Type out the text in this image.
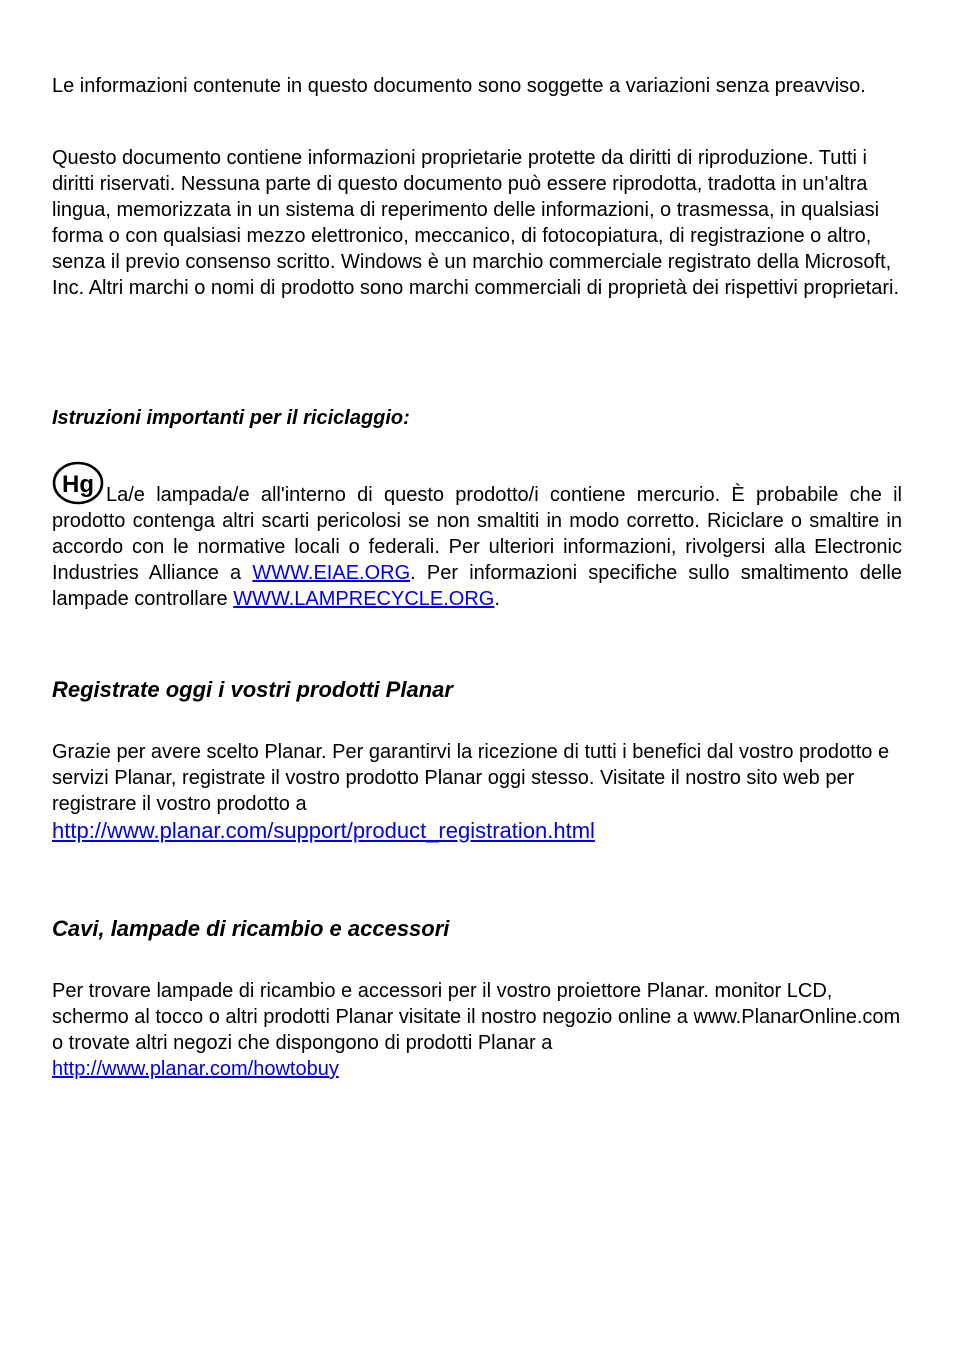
Le informazioni contenute in questo documento sono soggette a variazioni senza preavviso.

Questo documento contiene informazioni proprietarie protette da diritti di riproduzione. Tutti i diritti riservati. Nessuna parte di questo documento può essere riprodotta, tradotta in un'altra lingua, memorizzata in un sistema di reperimento delle informazioni, o trasmessa, in qualsiasi forma o con qualsiasi mezzo elettronico, meccanico, di fotocopiatura, di registrazione o altro, senza il previo consenso scritto. Windows è un marchio commerciale registrato della Microsoft, Inc. Altri marchi o nomi di prodotto sono marchi commerciali di proprietà dei rispettivi proprietari.

Istruzioni importanti per il riciclaggio:

Hg La/e lampada/e all'interno di questo prodotto/i contiene mercurio. È probabile che il prodotto contenga altri scarti pericolosi se non smaltiti in modo corretto. Riciclare o smaltire in accordo con le normative locali o federali. Per ulteriori informazioni, rivolgersi alla Electronic Industries Alliance a WWW.EIAE.ORG. Per informazioni specifiche sullo smaltimento delle lampade controllare WWW.LAMPRECYCLE.ORG.

Registrate oggi i vostri prodotti Planar

Grazie per avere scelto Planar. Per garantirvi la ricezione di tutti i benefici dal vostro prodotto e servizi Planar, registrate il vostro prodotto Planar oggi stesso. Visitate il nostro sito web per registrare il vostro prodotto a

http://www.planar.com/support/product_registration.html
Cavi, lampade di ricambio e accessori

Per trovare lampade di ricambio e accessori per il vostro proiettore Planar. monitor LCD, schermo al tocco o altri prodotti Planar visitate il nostro negozio online a www.PlanarOnline.com o trovate altri negozi che dispongono di prodotti Planar a

http://www.planar.com/howtobuy
